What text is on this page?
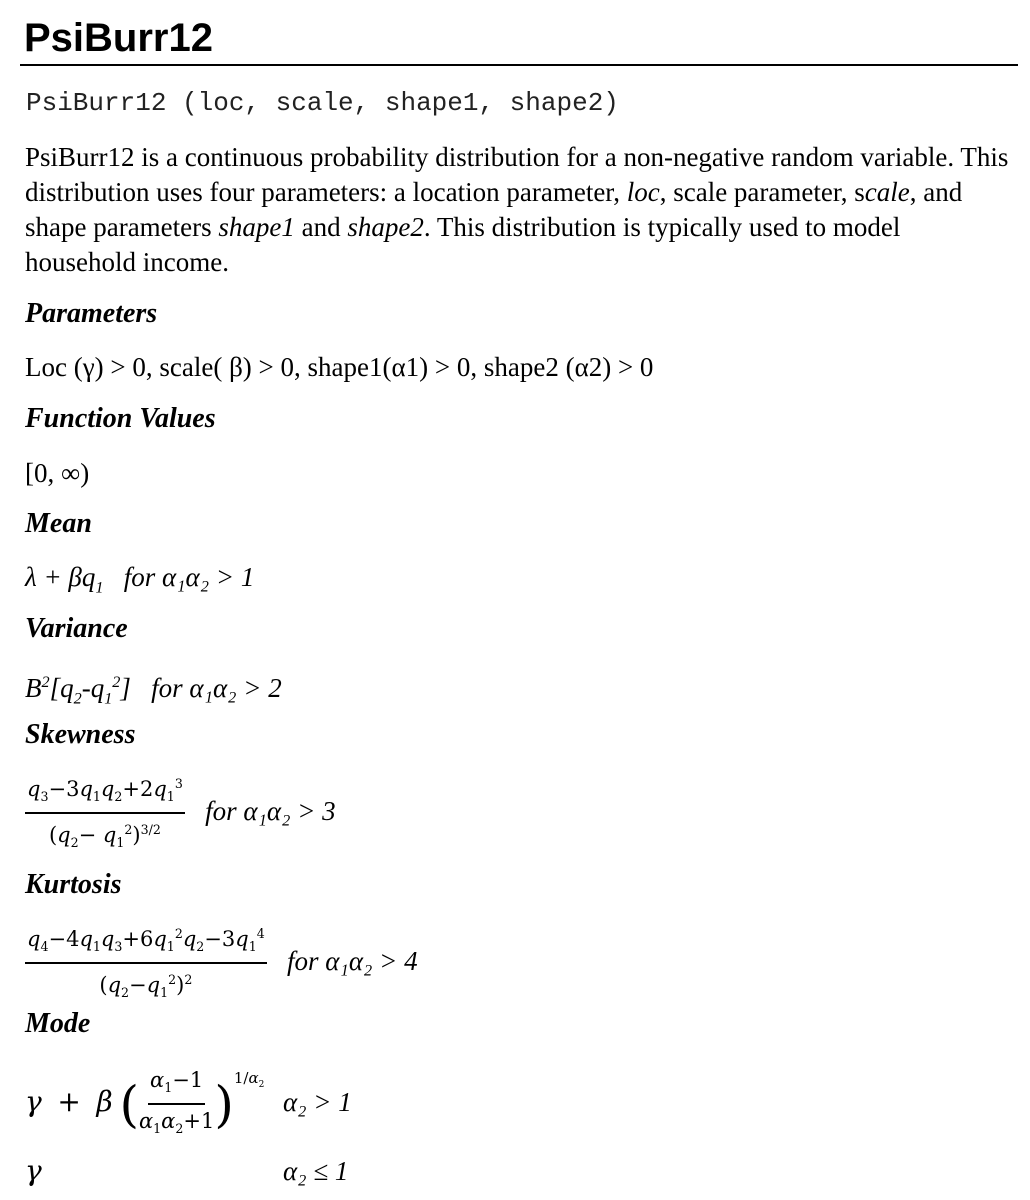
PsiBurr12
PsiBurr12 (loc, scale, shape1, shape2)
PsiBurr12 is a continuous probability distribution for a non-negative random variable. This distribution uses four parameters: a location parameter, loc, scale parameter, scale, and shape parameters shape1 and shape2. This distribution is typically used to model household income.
Parameters
Loc (γ) > 0, scale( β) > 0, shape1(α1) > 0, shape2 (α2) > 0
Function Values
[0, ∞)
Mean
$\lambda + \beta q_1$ for α₁α₂ > 1
Variance
$B^2[q_2-q_1^2]$   for α₁α₂ > 2
Skewness
$\frac{q_3-3q_1q_2+2q_1^3}{(q_2- q_1^2)^{3/2}}$ for α₁α₂ > 3
Kurtosis
$\frac{q_4-4q_1q_3+6q_1^2q_2-3q_1^4}{(q_2-q_1^2)^2}$ for α₁α₂ > 4
Mode
γ  +  β ( $\frac{\alpha_1-1}{\alpha_1\alpha_2+1} )^{1/\alpha_2}$
α₂ > 1
γ	α₂ ≤ 1
